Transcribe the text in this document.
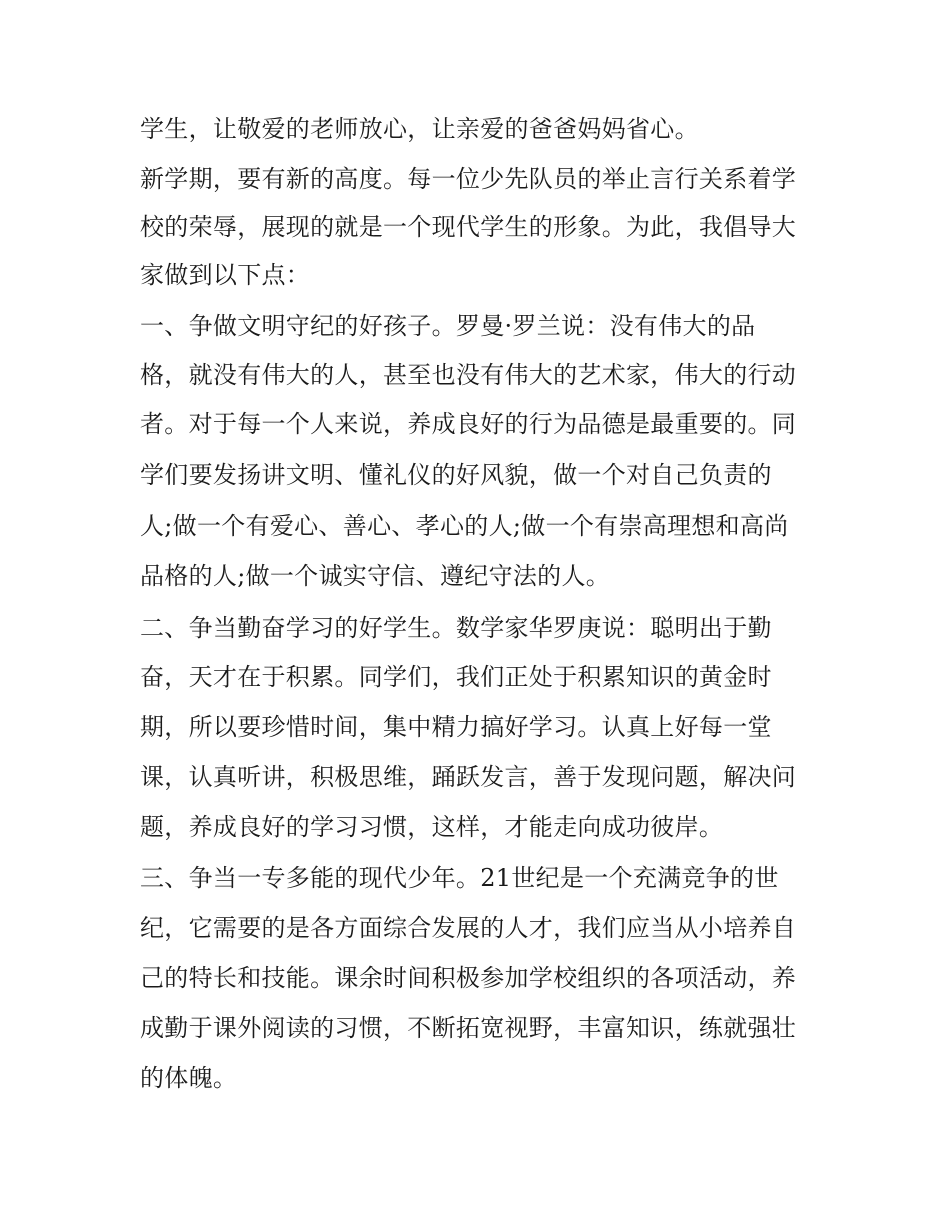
学生，让敬爱的老师放心，让亲爱的爸爸妈妈省心。
新学期，要有新的高度。每一位少先队员的举止言行关系着学
校的荣辱，展现的就是一个现代学生的形象。为此，我倡导大
家做到以下点：
一、争做文明守纪的好孩子。罗曼·罗兰说：没有伟大的品
格，就没有伟大的人，甚至也没有伟大的艺术家，伟大的行动
者。对于每一个人来说，养成良好的行为品德是最重要的。同
学们要发扬讲文明、懂礼仪的好风貌，做一个对自己负责的
人;做一个有爱心、善心、孝心的人;做一个有崇高理想和高尚
品格的人;做一个诚实守信、遵纪守法的人。
二、争当勤奋学习的好学生。数学家华罗庚说：聪明出于勤
奋，天才在于积累。同学们，我们正处于积累知识的黄金时
期，所以要珍惜时间，集中精力搞好学习。认真上好每一堂
课，认真听讲，积极思维，踊跃发言，善于发现问题，解决问
题，养成良好的学习习惯，这样，才能走向成功彼岸。
三、争当一专多能的现代少年。21世纪是一个充满竞争的世
纪，它需要的是各方面综合发展的人才，我们应当从小培养自
己的特长和技能。课余时间积极参加学校组织的各项活动，养
成勤于课外阅读的习惯，不断拓宽视野，丰富知识，练就强壮
的体魄。
